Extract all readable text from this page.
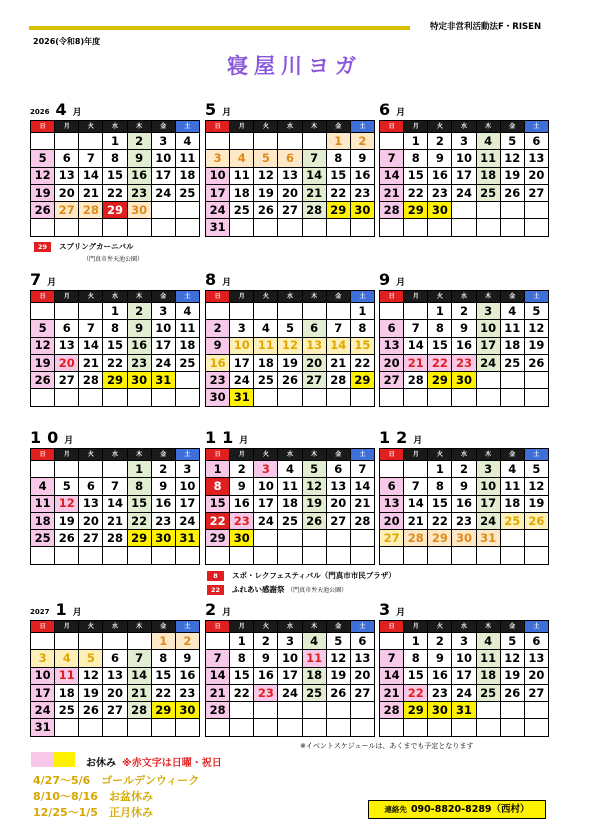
特定非営利活動法F・RISEN
2026(令和8)年度
寝屋川ヨガ
2026 4月
日	月	火	水	木	金	土
			1	2	3	4
5	6	7	8	9	10	11
12	13	14	15	16	17	18
19	20	21	22	23	24	25
26	27	28	29	30		

5月
日	月	火	水	木	金	土
					1	2
3	4	5	6	7	8	9
10	11	12	13	14	15	16
17	18	19	20	21	22	23
24	25	26	27	28	29	30
31						
6月
日	月	火	水	木	金	土
	1	2	3	4	5	6
7	8	9	10	11	12	13
14	15	16	17	18	19	20
21	22	23	24	25	26	27
28	29	30				

7月
日	月	火	水	木	金	土
			1	2	3	4
5	6	7	8	9	10	11
12	13	14	15	16	17	18
19	20	21	22	23	24	25
26	27	28	29	30	31	

8月
日	月	火	水	木	金	土
						1
2	3	4	5	6	7	8
9	10	11	12	13	14	15
16	17	18	19	20	21	22
23	24	25	26	27	28	29
30	31					
9月
日	月	火	水	木	金	土
		1	2	3	4	5
6	7	8	9	10	11	12
13	14	15	16	17	18	19
20	21	22	23	24	25	26
27	28	29	30			

10月
日	月	火	水	木	金	土
				1	2	3
4	5	6	7	8	9	10
11	12	13	14	15	16	17
18	19	20	21	22	23	24
25	26	27	28	29	30	31

11月
日	月	火	水	木	金	土
1	2	3	4	5	6	7
8	9	10	11	12	13	14
15	16	17	18	19	20	21
22	23	24	25	26	27	28
29	30					

12月
日	月	火	水	木	金	土
		1	2	3	4	5
6	7	8	9	10	11	12
13	14	15	16	17	18	19
20	21	22	23	24	25	26
27	28	29	30	31		

2027 1月
日	月	火	水	木	金	土
					1	2
3	4	5	6	7	8	9
10	11	12	13	14	15	16
17	18	19	20	21	22	23
24	25	26	27	28	29	30
31						
2月
日	月	火	水	木	金	土
	1	2	3	4	5	6
7	8	9	10	11	12	13
14	15	16	17	18	19	20
21	22	23	24	25	26	27
28						

3月
日	月	火	水	木	金	土
	1	2	3	4	5	6
7	8	9	10	11	12	13
14	15	16	17	18	19	20
21	22	23	24	25	26	27
28	29	30	31			

29 スプリングカーニバル
（門真市弁天池公園）
8 スポ・レクフェスティバル（門真市市民プラザ）
22 ふれあい感謝祭 （門真市弁天池公園）
※イベントスケジュールは、あくまでも予定となります
お休み ※赤文字は日曜・祝日
4/27～5/6　ゴールデンウィーク
8/10～8/16　お盆休み
12/25～1/5　正月休み	連絡先 090-8820-8289（西村）
